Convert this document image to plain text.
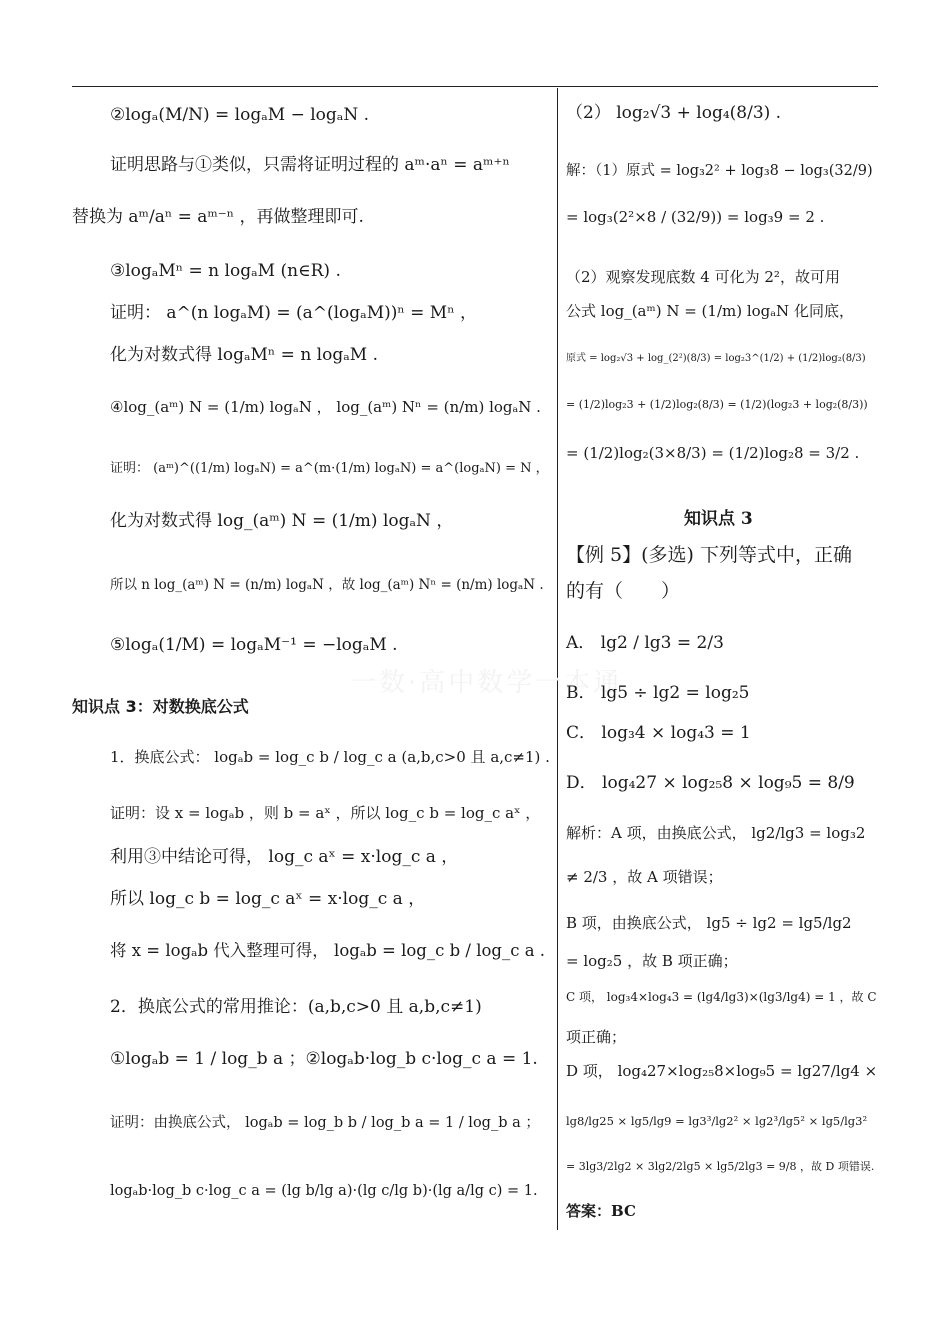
一数·高中数学一本通
②logₐ(M/N) = logₐM − logₐN .
证明思路与①类似，只需将证明过程的 aᵐ·aⁿ = aᵐ⁺ⁿ
替换为 aᵐ/aⁿ = aᵐ⁻ⁿ ，再做整理即可.
③logₐMⁿ = n logₐM (n∈R) .
证明： a^(n logₐM) = (a^(logₐM))ⁿ = Mⁿ ，
化为对数式得 logₐMⁿ = n logₐM .
④log_(aᵐ) N = (1/m) logₐN ， log_(aᵐ) Nⁿ = (n/m) logₐN .
证明： (aᵐ)^((1/m) logₐN) = a^(m·(1/m) logₐN) = a^(logₐN) = N ，
化为对数式得 log_(aᵐ) N = (1/m) logₐN ，
所以 n log_(aᵐ) N = (n/m) logₐN ，故 log_(aᵐ) Nⁿ = (n/m) logₐN .
⑤logₐ(1/M) = logₐM⁻¹ = −logₐM .
知识点 3：对数换底公式
1．换底公式： logₐb = log_c b / log_c a (a,b,c>0 且 a,c≠1) .
证明：设 x = logₐb ，则 b = aˣ ，所以 log_c b = log_c aˣ ，
利用③中结论可得， log_c aˣ = x·log_c a ，
所以 log_c b = log_c aˣ = x·log_c a ，
将 x = logₐb 代入整理可得， logₐb = log_c b / log_c a .
2．换底公式的常用推论：(a,b,c>0 且 a,b,c≠1)
①logₐb = 1 / log_b a ；②logₐb·log_b c·log_c a = 1.
证明：由换底公式， logₐb = log_b b / log_b a = 1 / log_b a ；
logₐb·log_b c·log_c a = (lg b/lg a)·(lg c/lg b)·(lg a/lg c) = 1.
（2） log₂√3 + log₄(8/3) .
解：（1）原式 = log₃2² + log₃8 − log₃(32/9)
= log₃(2²×8 / (32/9)) = log₃9 = 2 .
（2）观察发现底数 4 可化为 2²，故可用
公式 log_(aᵐ) N = (1/m) logₐN 化同底，
原式 = log₂√3 + log_(2²)(8/3) = log₂3^(1/2) + (1/2)log₂(8/3)
= (1/2)log₂3 + (1/2)log₂(8/3) = (1/2)(log₂3 + log₂(8/3))
= (1/2)log₂(3×8/3) = (1/2)log₂8 = 3/2 .
知识点 3
【例 5】(多选) 下列等式中，正确
的有（　　）
A． lg2 / lg3 = 2/3
B． lg5 ÷ lg2 = log₂5
C． log₃4 × log₄3 = 1
D． log₄27 × log₂₅8 × log₉5 = 8/9
解析：A 项，由换底公式， lg2/lg3 = log₃2
≠ 2/3 ，故 A 项错误；
B 项，由换底公式， lg5 ÷ lg2 = lg5/lg2
= log₂5 ，故 B 项正确；
C 项， log₃4×log₄3 = (lg4/lg3)×(lg3/lg4) = 1 ，故 C
项正确；
D 项， log₄27×log₂₅8×log₉5 = lg27/lg4 ×
lg8/lg25 × lg5/lg9 = lg3³/lg2² × lg2³/lg5² × lg5/lg3²
= 3lg3/2lg2 × 3lg2/2lg5 × lg5/2lg3 = 9/8 ，故 D 项错误.
答案：BC
